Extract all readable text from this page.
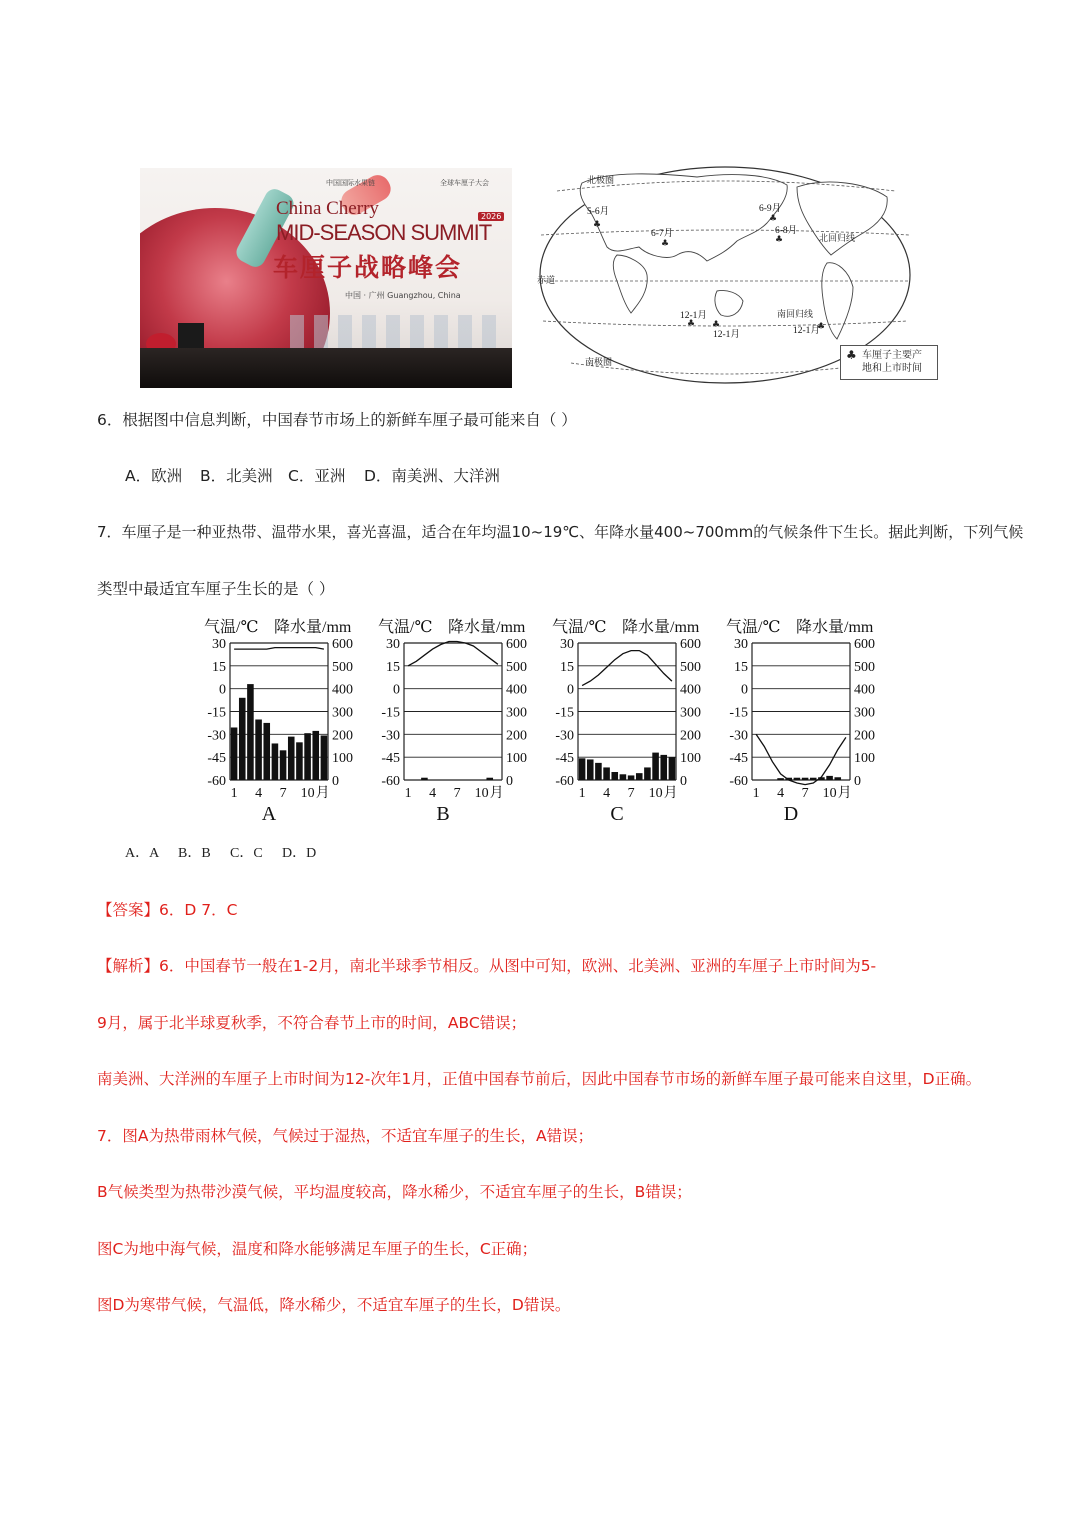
中国国际水果链	全球车厘子大会
China Cherry	2026
MID-SEASON SUMMIT
车厘子战略峰会
中国 · 广州 Guangzhou, China
北极圈
北回归线
赤道
南回归线
南极圈
5-6月
♣
6-7月
♣
6-9月
♣
6-8月
♣
12-1月
♣
12-1月
♣
12-1月
♣
♣ 车厘子主要产
地和上市时间
6．根据图中信息判断，中国春节市场上的新鲜车厘子最可能来自（ ）
A．欧洲 B．北美洲 C．亚洲 D．南美洲、大洋洲
7．车厘子是一种亚热带、温带水果，喜光喜温，适合在年均温10~19℃、年降水量400~700mm的气候条件下生长。据此判断，下列气候
类型中最适宜车厘子生长的是（ ）
气温/℃ 降水量/mm
30	600
15	500
0	400
-15	300
-30	200
-45	100
-60	0
1 4 7 10 月
A
气温/℃ 降水量/mm
30	600
15	500
0	400
-15	300
-30	200
-45	100
-60	0
1 4 7 10 月
B
气温/℃ 降水量/mm
30	600
15	500
0	400
-15	300
-30	200
-45	100
-60	0
1 4 7 10 月
C
气温/℃ 降水量/mm
30	600
15	500
0	400
-15	300
-30	200
-45	100
-60	0
1 4 7 10 月
D
A．A B．B C．C D．D
【答案】6．D 7．C
【解析】6．中国春节一般在1-2月，南北半球季节相反。从图中可知，欧洲、北美洲、亚洲的车厘子上市时间为5-
9月，属于北半球夏秋季，不符合春节上市的时间，ABC错误；
南美洲、大洋洲的车厘子上市时间为12-次年1月，正值中国春节前后，因此中国春节市场的新鲜车厘子最可能来自这里，D正确。
7．图A为热带雨林气候，气候过于湿热，不适宜车厘子的生长，A错误；
B气候类型为热带沙漠气候，平均温度较高，降水稀少，不适宜车厘子的生长，B错误；
图C为地中海气候，温度和降水能够满足车厘子的生长，C正确；
图D为寒带气候，气温低，降水稀少，不适宜车厘子的生长，D错误。
